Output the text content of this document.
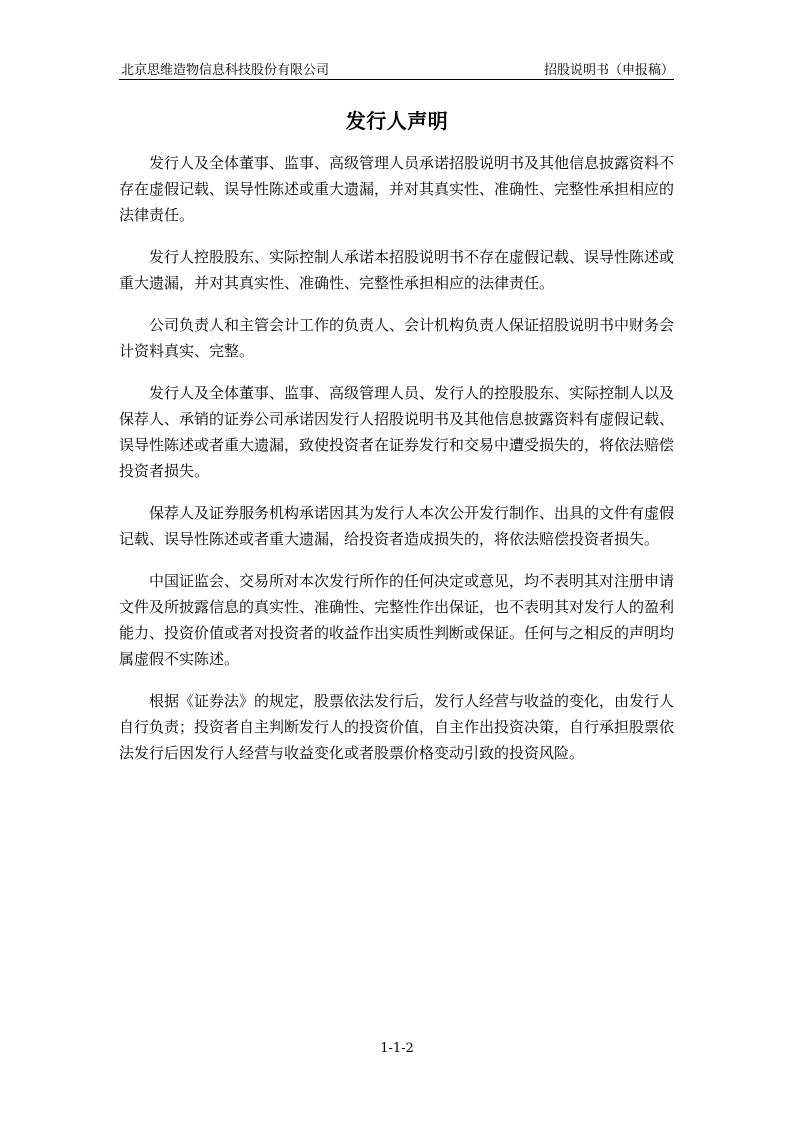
北京思维造物信息科技股份有限公司	招股说明书（申报稿）
发行人声明

发行人及全体董事、监事、高级管理人员承诺招股说明书及其他信息披露资料不存在虚假记载、误导性陈述或重大遗漏，并对其真实性、准确性、完整性承担相应的法律责任。

发行人控股股东、实际控制人承诺本招股说明书不存在虚假记载、误导性陈述或重大遗漏，并对其真实性、准确性、完整性承担相应的法律责任。

公司负责人和主管会计工作的负责人、会计机构负责人保证招股说明书中财务会计资料真实、完整。

发行人及全体董事、监事、高级管理人员、发行人的控股股东、实际控制人以及保荐人、承销的证券公司承诺因发行人招股说明书及其他信息披露资料有虚假记载、误导性陈述或者重大遗漏，致使投资者在证券发行和交易中遭受损失的，将依法赔偿投资者损失。

保荐人及证券服务机构承诺因其为发行人本次公开发行制作、出具的文件有虚假记载、误导性陈述或者重大遗漏，给投资者造成损失的，将依法赔偿投资者损失。

中国证监会、交易所对本次发行所作的任何决定或意见，均不表明其对注册申请文件及所披露信息的真实性、准确性、完整性作出保证，也不表明其对发行人的盈利能力、投资价值或者对投资者的收益作出实质性判断或保证。任何与之相反的声明均属虚假不实陈述。

根据《证券法》的规定，股票依法发行后，发行人经营与收益的变化，由发行人自行负责；投资者自主判断发行人的投资价值，自主作出投资决策，自行承担股票依法发行后因发行人经营与收益变化或者股票价格变动引致的投资风险。

1-1-2
